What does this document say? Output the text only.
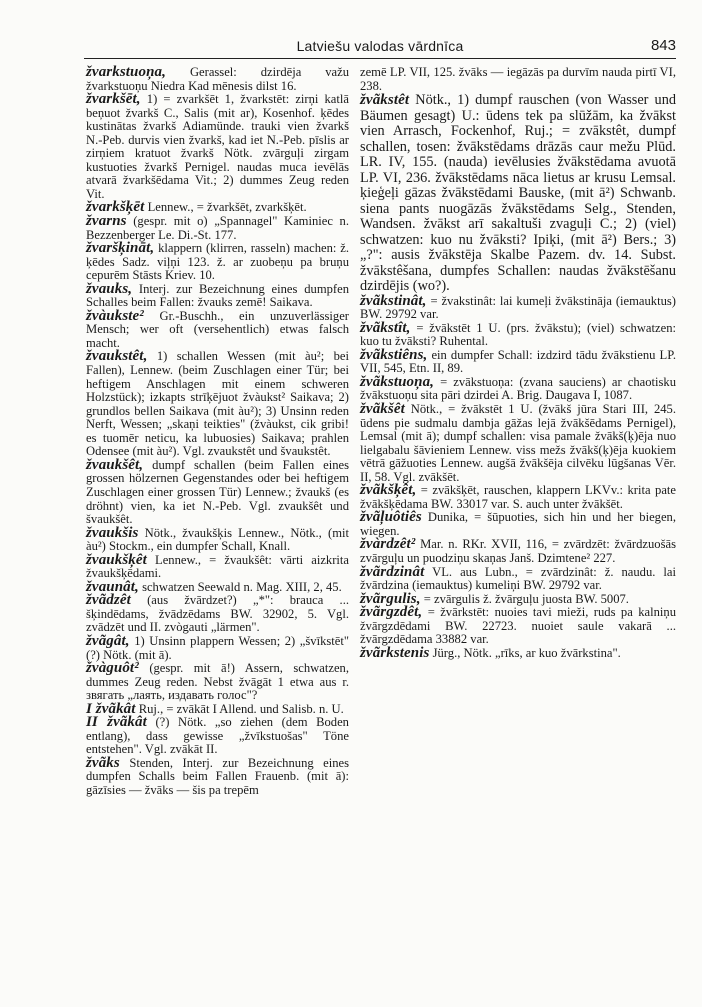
Latviešu valodas vārdnīca	843
žvarkstuoņa, Gerassel: dzirdēja važu žvarkstuoņu Niedra Kad mēnesis dilst 16.
žvarkšēt, 1) = zvarkšēt 1, žvarkstēt: zirņi katlā beņuot žvarkš C., Salis (mit ar), Kosenhof. ķēdes kustinātas žvarkš Adiamünde. trauki vien žvarkš N.-Peb. durvis vien žvarkš, kad iet N.-Peb. pīslis ar zirņiem kratuot žvarkš Nötk. zvārguļi zirgam kustuoties žvarkš Pernigel. naudas muca ievēlās atvarā žvarkšēdama Vit.; 2) dummes Zeug reden Vit.
žvarkšķēt Lennew., = žvarkšēt, zvarkšķēt.
žvarns (gespr. mit o) „Spannagel" Kaminiec n. Bezzenberger Le. Di.-St. 177.
žvaršķināt, klappern (klirren, rasseln) machen: ž. ķēdes Sadz. viļņi 123. ž. ar zuobeņu pa bruņu cepurēm Stāsts Kriev. 10.
žvauks, Interj. zur Bezeichnung eines dumpfen Schalles beim Fallen: žvauks zemē! Saikava.
žvàukste² Gr.-Buschh., ein unzuverlässiger Mensch; wer oft (versehentlich) etwas falsch macht.
žvaukstêt, 1) schallen Wessen (mit àu²; bei Fallen), Lennew. (beim Zuschlagen einer Tür; bei heftigem Anschlagen mit einem schweren Holzstück); izkapts strīķējuot žvàukst² Saikava; 2) grundlos bellen Saikava (mit àu²); 3) Unsinn reden Nerft, Wessen; „skaņi teikties" (žvàukst, cik gribi! es tuomēr neticu, ka lubuosies) Saikava; prahlen Odensee (mit àu²). Vgl. zvaukstêt und švaukstêt.
žvaukšêt, dumpf schallen (beim Fallen eines grossen hölzernen Gegenstandes oder bei heftigem Zuschlagen einer grossen Tür) Lennew.; žvaukš (es dröhnt) vien, ka iet N.-Peb. Vgl. zvaukšêt und švaukšêt.
žvaukšis Nötk., žvaukšķis Lennew., Nötk., (mit àu²) Stockm., ein dumpfer Schall, Knall.
žvaukšķêt Lennew., = žvaukšêt: vārti aizkrita žvaukšķēdami.
žvaunât, schwatzen Seewald n. Mag. XIII, 2, 45.
žvãdzêt (aus žvārdzet?) „*": brauca ... šķindēdams, žvādzēdams BW. 32902, 5. Vgl. zvādzēt und II. zvògauti „lärmen".
žvãgât, 1) Unsinn plappern Wessen; 2) „švīkstēt" (?) Nötk. (mit ā).
žvàguôt² (gespr. mit ā!) Assern, schwatzen, dummes Zeug reden. Nebst žvāgāt 1 etwa aus r. звягать „лаять, издавать голос"?
I žvãkât Ruj., = zvākāt I Allend. und Salisb. n. U.
II žvãkât (?) Nötk. „so ziehen (dem Boden entlang), dass gewisse „žvīkstuošas" Töne entstehen". Vgl. zvākāt II.
žvãks Stenden, Interj. zur Bezeichnung eines dumpfen Schalls beim Fallen Frauenb. (mit ā): gāzīsies — žvāks — šis pa trepēm
zemē LP. VII, 125. žvāks — iegāzās pa durvīm nauda pirtī VI, 238.
žvãkstêt Nötk., 1) dumpf rauschen (von Wasser und Bäumen gesagt) U.: ūdens tek pa slūžām, ka žvākst vien Arrasch, Fockenhof, Ruj.; = zvākstêt, dumpf schallen, tosen: žvākstēdams drāzās caur mežu Plūd. LR. IV, 155. (nauda) ievēlusies žvākstēdama avuotā LP. VI, 236. žvākstēdams nāca lietus ar krusu Lemsal. ķieģeļi gāzas žvākstēdami Bauske, (mit ā²) Schwanb. siena pants nuogāzās žvākstēdams Selg., Stenden, Wandsen. žvākst arī sakaltuši zvaguļi C.; 2) (viel) schwatzen: kuo nu žvāksti? Ipiķi, (mit ā²) Bers.; 3) „?": ausis žvākstēja Skalbe Pazem. dv. 14. Subst. žvākstêšana, dumpfes Schallen: naudas žvākstēšanu dzirdējis (wo?).
žvãkstinât, = žvakstinât: lai kumeļi žvākstināja (iemauktus) BW. 29792 var.
žvãkstît, = žvākstēt 1 U. (prs. žvākstu); (viel) schwatzen: kuo tu žvāksti? Ruhental.
žvãkstiêns, ein dumpfer Schall: izdzird tādu žvākstienu LP. VII, 545, Etn. II, 89.
žvãkstuoņa, = zvākstuoņa: (zvana sauciens) ar chaotisku žvākstuoņu sita pāri dzirdei A. Brig. Daugava I, 1087.
žvãkšêt Nötk., = žvākstēt 1 U. (žvākš jūra Stari III, 245. ūdens pie sudmalu dambja gāžas lejā žvākšēdams Pernigel), Lemsal (mit ā); dumpf schallen: visa pamale žvākš(ķ)ēja nuo lielgabalu šāvieniem Lennew. viss mežs žvākš(ķ)ēja kuokiem vētrā gāžuoties Lennew. augšā žvākšēja cilvēku lūgšanas Vēr. II, 58. Vgl. zvākšēt.
žvãkšķêt, = zvākšķēt, rauschen, klappern LKVv.: krita pate žvākšķēdama BW. 33017 var. S. auch unter žvākšēt.
žvãļuôtiês Dunika, = šūpuoties, sich hin und her biegen, wiegen.
žvàrdzêt² Mar. n. RKr. XVII, 116, = zvārdzēt: žvārdzuošās zvārguļu un puodziņu skaņas Janš. Dzimtene² 227.
žvãrdzinât VL. aus Lubn., = zvārdzinât: ž. naudu. lai žvārdzina (iemauktus) kumeliņi BW. 29792 var.
žvãrgulis, = zvārgulis ž. žvārguļu juosta BW. 5007.
žvãrgzdêt, = žvārkstēt: nuoies tavi mieži, ruds pa kalniņu žvārgzdēdami BW. 22723. nuoiet saule vakarā ... žvārgzdēdama 33882 var.
žvãrkstenis Jürg., Nötk. „rīks, ar kuo žvārkstina".
